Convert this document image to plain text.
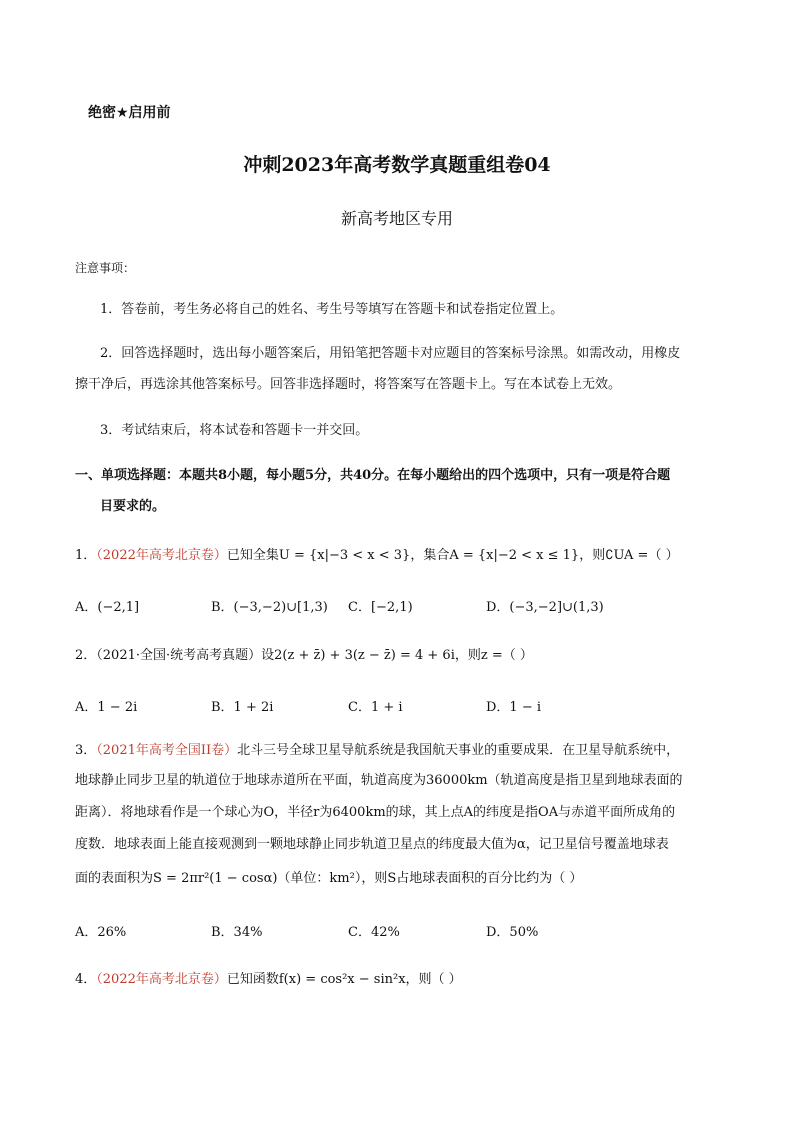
绝密★启用前
冲刺2023年高考数学真题重组卷04
新高考地区专用
注意事项：
1．答卷前，考生务必将自己的姓名、考生号等填写在答题卡和试卷指定位置上。
2．回答选择题时，选出每小题答案后，用铅笔把答题卡对应题目的答案标号涂黑。如需改动，用橡皮
擦干净后，再选涂其他答案标号。回答非选择题时，将答案写在答题卡上。写在本试卷上无效。
3．考试结束后，将本试卷和答题卡一并交回。
一、单项选择题：本题共8小题，每小题5分，共40分。在每小题给出的四个选项中，只有一项是符合题
目要求的。
1．（2022年高考北京卷）已知全集U = {x|−3 < x < 3}，集合A = {x|−2 < x ≤ 1}，则∁UA =（ ）
A．(−2,1]	B．(−3,−2)∪[1,3) C．[−2,1)	D．(−3,−2]∪(1,3)
2．（2021·全国·统考高考真题）设2(z + z̄) + 3(z − z̄) = 4 + 6i，则z =（ ）
A．1 − 2i	B．1 + 2i	C．1 + i	D．1 − i
3．（2021年高考全国II卷）北斗三号全球卫星导航系统是我国航天事业的重要成果．在卫星导航系统中，
地球静止同步卫星的轨道位于地球赤道所在平面，轨道高度为36000km（轨道高度是指卫星到地球表面的
距离）．将地球看作是一个球心为O，半径r为6400km的球，其上点A的纬度是指OA与赤道平面所成角的
度数．地球表面上能直接观测到一颗地球静止同步轨道卫星点的纬度最大值为α，记卫星信号覆盖地球表
面的表面积为S = 2πr²(1 − cosα)（单位：km²），则S占地球表面积的百分比约为（ ）
A．26%	B．34%	C．42%	D．50%
4．（2022年高考北京卷）已知函数f(x) = cos²x − sin²x，则（ ）
